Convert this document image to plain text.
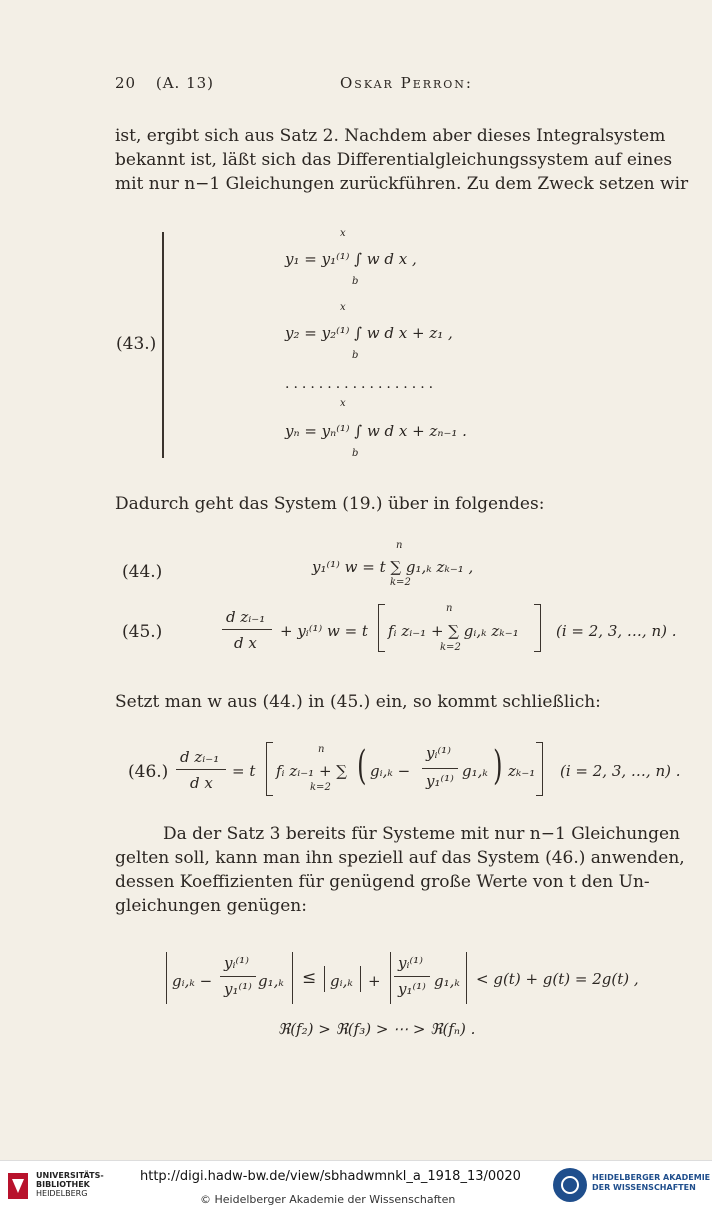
20 (A. 13)	Oskar Perron:
ist, ergibt sich aus Satz 2. Nachdem aber dieses Integralsystem
bekannt ist, läßt sich das Differentialgleichungssystem auf eines
mit nur n−1 Gleichungen zurückführen. Zu dem Zweck setzen wir
(43.)
x
y₁ = y₁⁽¹⁾ ∫ w d x ,
b
x
y₂ = y₂⁽¹⁾ ∫ w d x + z₁ ,
b
..................
x
yₙ = yₙ⁽¹⁾ ∫ w d x + zₙ₋₁ .
b
Dadurch geht das System (19.) über in folgendes:
(44.)
n
y₁⁽¹⁾ w = t ∑ g₁,ₖ zₖ₋₁ ,
k=2
(45.)
d zᵢ₋₁
d x
+ yᵢ⁽¹⁾ w = t
n
fᵢ zᵢ₋₁ + ∑ gᵢ,ₖ zₖ₋₁
k=2
(i = 2, 3, …, n) .
Setzt man w aus (44.) in (45.) ein, so kommt schließlich:
(46.)
d zᵢ₋₁
d x
= t
n
fᵢ zᵢ₋₁ + ∑
k=2 ( gᵢ,ₖ −
yᵢ⁽¹⁾
y₁⁽¹⁾
g₁,ₖ ) zₖ₋₁ (i = 2, 3, …, n) .
Da der Satz 3 bereits für Systeme mit nur n−1 Gleichungen
gelten soll, kann man ihn speziell auf das System (46.) anwenden,
dessen Koeffizienten für genügend große Werte von t den Un-
gleichungen genügen:
gᵢ,ₖ −
yᵢ⁽¹⁾
y₁⁽¹⁾ g₁,ₖ ≤ gᵢ,ₖ +
yᵢ⁽¹⁾
y₁⁽¹⁾ g₁,ₖ < g(t) + g(t) = 2g(t) ,
ℜ(f₂) > ℜ(f₃) > ⋯ > ℜ(fₙ) .
UNIVERSITÄTS-
BIBLIOTHEK
HEIDELBERG
http://digi.hadw-bw.de/view/sbhadwmnkl_a_1918_13/0020
© Heidelberger Akademie der Wissenschaften
HEIDELBERGER AKADEMIE
DER WISSENSCHAFTEN
